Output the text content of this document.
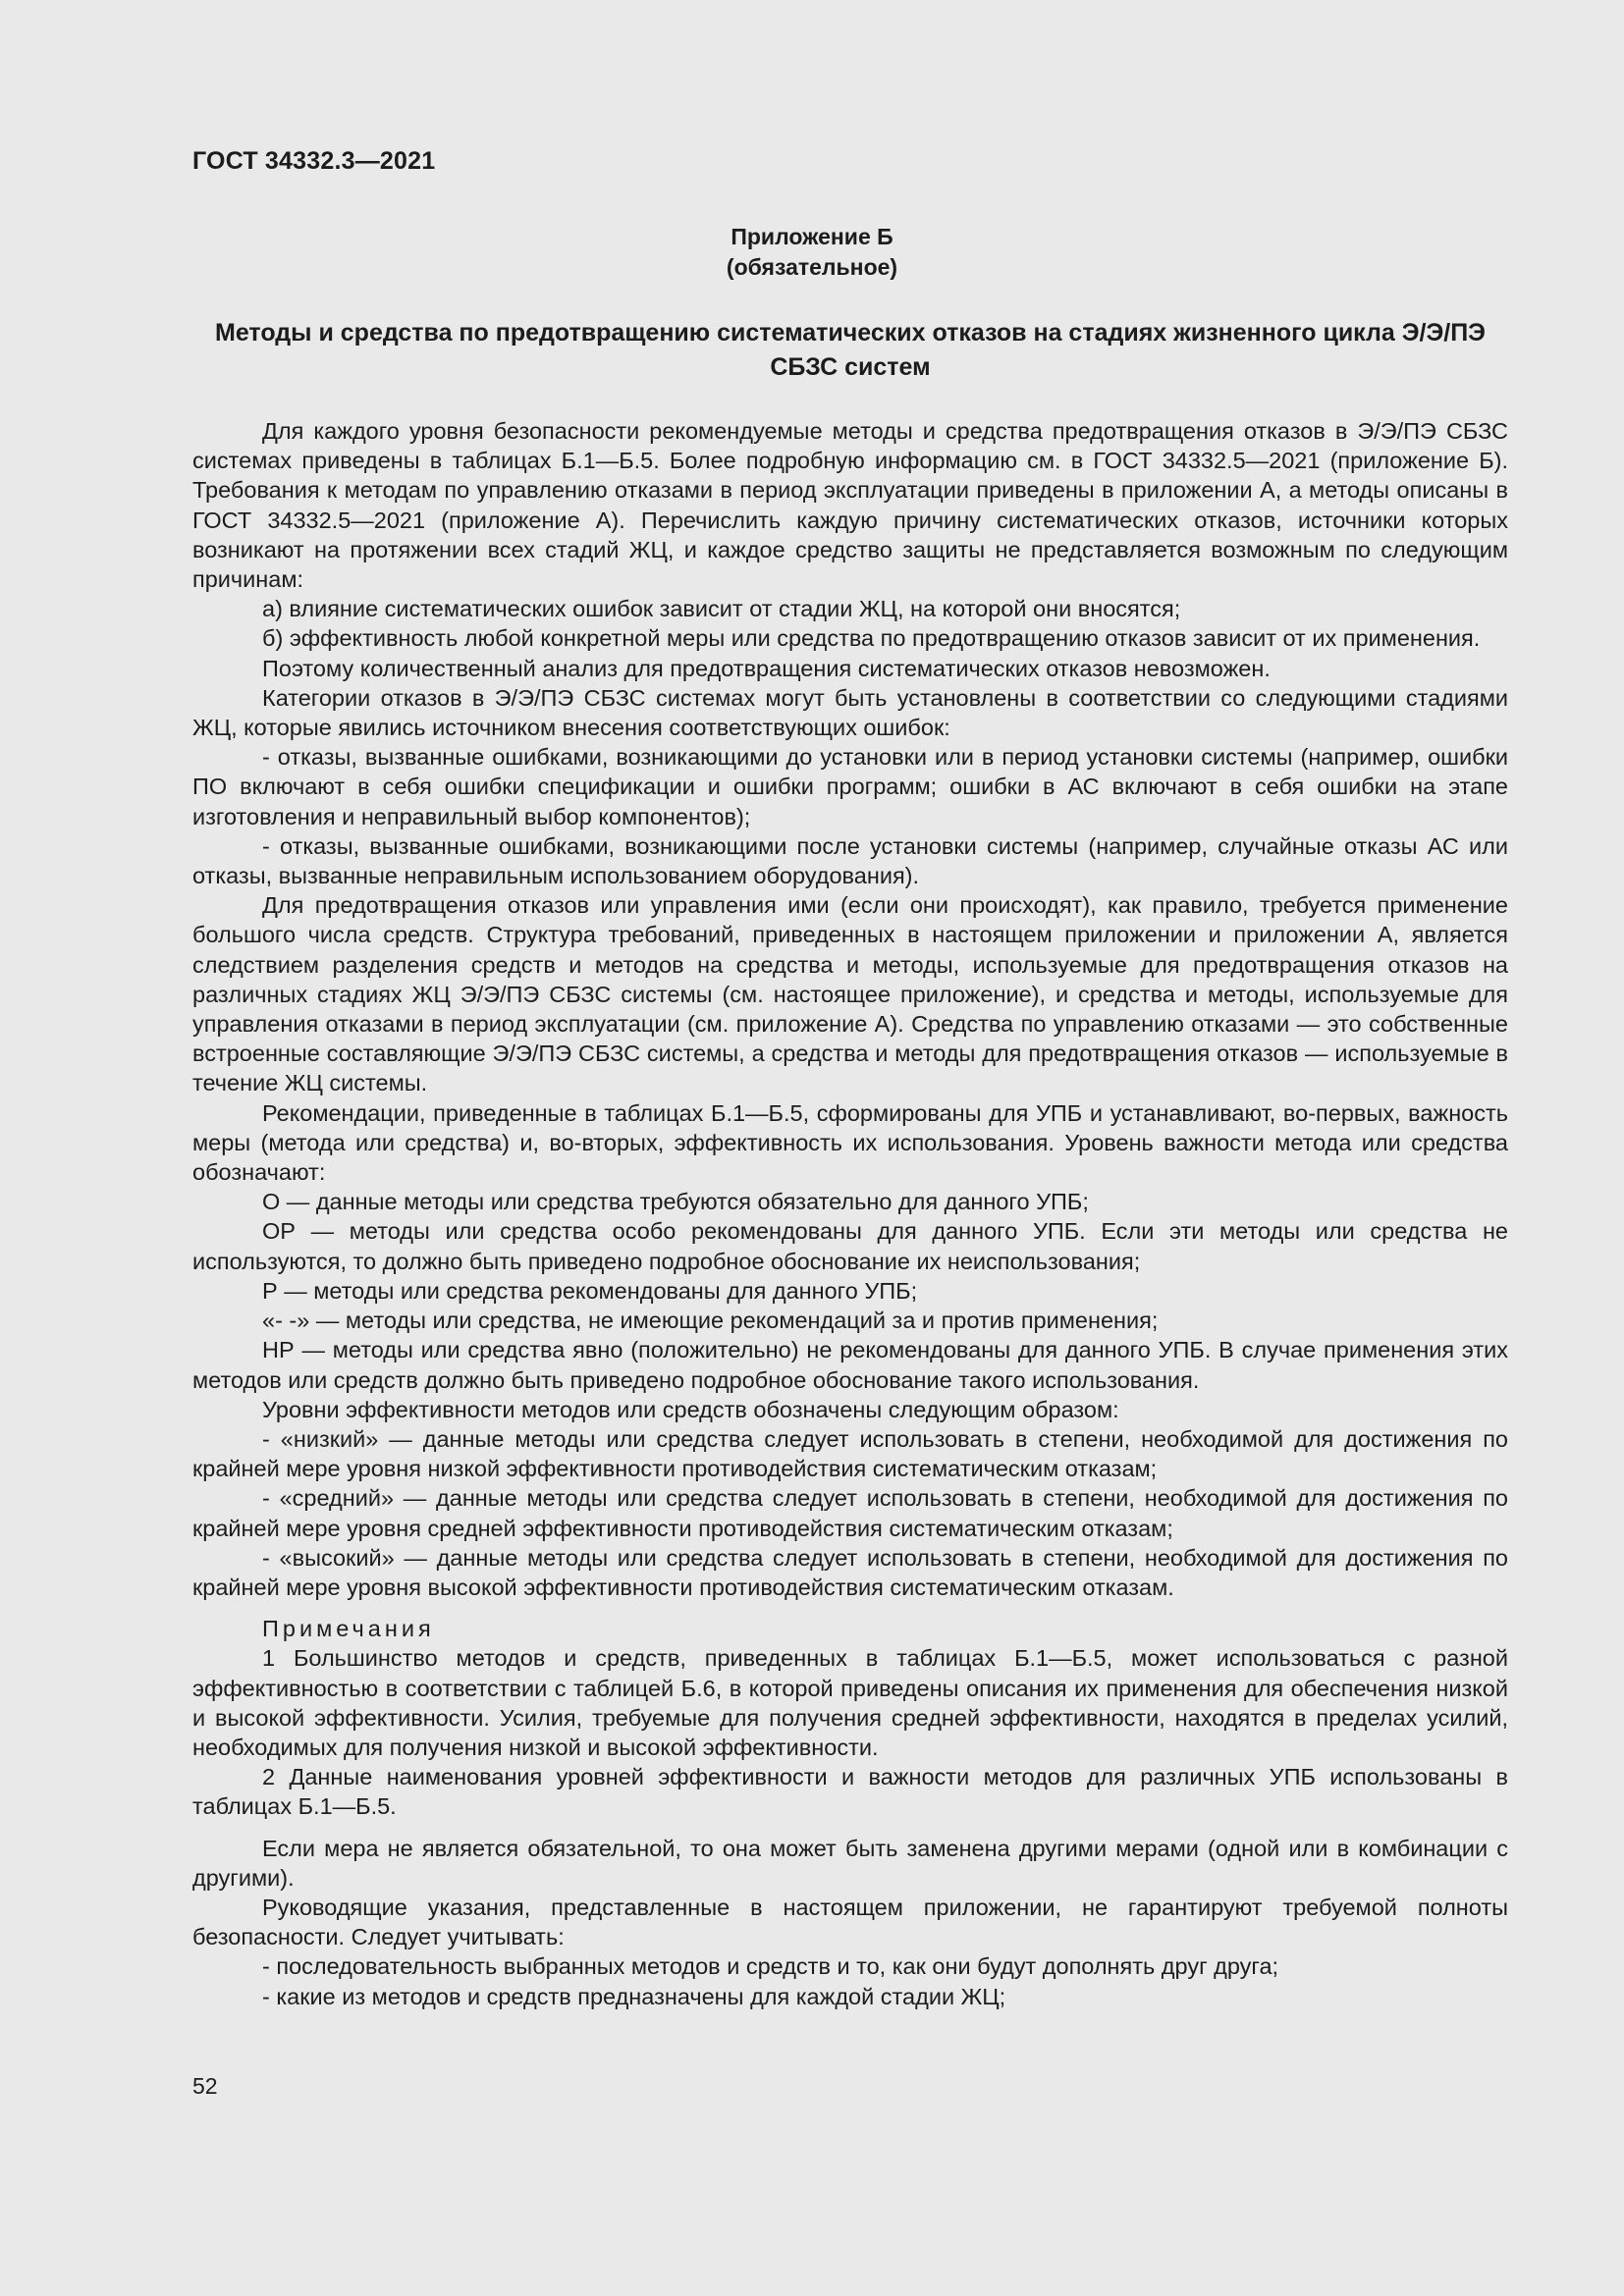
ГОСТ 34332.3—2021
Приложение Б
(обязательное)
Методы и средства по предотвращению систематических отказов на стадиях жизненного цикла Э/Э/ПЭ СБЗС систем

Для каждого уровня безопасности рекомендуемые методы и средства предотвращения отказов в Э/Э/ПЭ СБЗС системах приведены в таблицах Б.1—Б.5. Более подробную информацию см. в ГОСТ 34332.5—2021 (приложение Б). Требования к методам по управлению отказами в период эксплуатации приведены в приложении А, а методы описаны в ГОСТ 34332.5—2021 (приложение А). Перечислить каждую причину систематических отказов, источники которых возникают на протяжении всех стадий ЖЦ, и каждое средство защиты не представляется возможным по следующим причинам:

а) влияние систематических ошибок зависит от стадии ЖЦ, на которой они вносятся;

б) эффективность любой конкретной меры или средства по предотвращению отказов зависит от их применения.

Поэтому количественный анализ для предотвращения систематических отказов невозможен.

Категории отказов в Э/Э/ПЭ СБЗС системах могут быть установлены в соответствии со следующими стадиями ЖЦ, которые явились источником внесения соответствующих ошибок:

- отказы, вызванные ошибками, возникающими до установки или в период установки системы (например, ошибки ПО включают в себя ошибки спецификации и ошибки программ; ошибки в АС включают в себя ошибки на этапе изготовления и неправильный выбор компонентов);

- отказы, вызванные ошибками, возникающими после установки системы (например, случайные отказы АС или отказы, вызванные неправильным использованием оборудования).

Для предотвращения отказов или управления ими (если они происходят), как правило, требуется применение большого числа средств. Структура требований, приведенных в настоящем приложении и приложении А, является следствием разделения средств и методов на средства и методы, используемые для предотвращения отказов на различных стадиях ЖЦ Э/Э/ПЭ СБЗС системы (см. настоящее приложение), и средства и методы, используемые для управления отказами в период эксплуатации (см. приложение А). Средства по управлению отказами — это собственные встроенные составляющие Э/Э/ПЭ СБЗС системы, а средства и методы для предотвращения отказов — используемые в течение ЖЦ системы.

Рекомендации, приведенные в таблицах Б.1—Б.5, сформированы для УПБ и устанавливают, во-первых, важность меры (метода или средства) и, во-вторых, эффективность их использования. Уровень важности метода или средства обозначают:

О — данные методы или средства требуются обязательно для данного УПБ;

ОР — методы или средства особо рекомендованы для данного УПБ. Если эти методы или средства не используются, то должно быть приведено подробное обоснование их неиспользования;

Р — методы или средства рекомендованы для данного УПБ;

«- -» — методы или средства, не имеющие рекомендаций за и против применения;

НР — методы или средства явно (положительно) не рекомендованы для данного УПБ. В случае применения этих методов или средств должно быть приведено подробное обоснование такого использования.

Уровни эффективности методов или средств обозначены следующим образом:

- «низкий» — данные методы или средства следует использовать в степени, необходимой для достижения по крайней мере уровня низкой эффективности противодействия систематическим отказам;

- «средний» — данные методы или средства следует использовать в степени, необходимой для достижения по крайней мере уровня средней эффективности противодействия систематическим отказам;

- «высокий» — данные методы или средства следует использовать в степени, необходимой для достижения по крайней мере уровня высокой эффективности противодействия систематическим отказам.

Примечания

1 Большинство методов и средств, приведенных в таблицах Б.1—Б.5, может использоваться с разной эффективностью в соответствии с таблицей Б.6, в которой приведены описания их применения для обеспечения низкой и высокой эффективности. Усилия, требуемые для получения средней эффективности, находятся в пределах усилий, необходимых для получения низкой и высокой эффективности.

2 Данные наименования уровней эффективности и важности методов для различных УПБ использованы в таблицах Б.1—Б.5.

Если мера не является обязательной, то она может быть заменена другими мерами (одной или в комбинации с другими).

Руководящие указания, представленные в настоящем приложении, не гарантируют требуемой полноты безопасности. Следует учитывать:

- последовательность выбранных методов и средств и то, как они будут дополнять друг друга;

- какие из методов и средств предназначены для каждой стадии ЖЦ;

52
